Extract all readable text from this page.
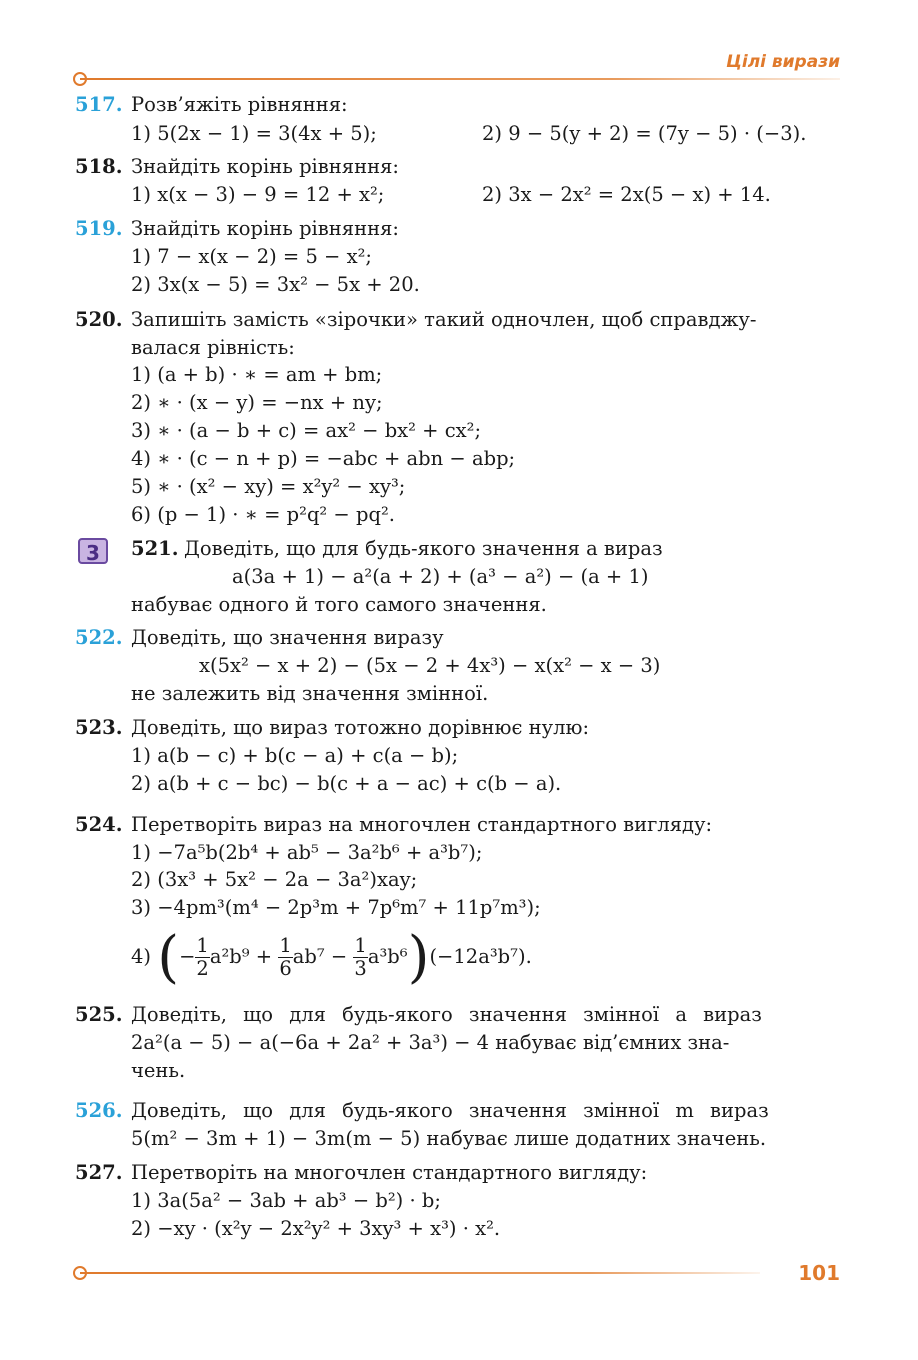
Цілі вирази
517. Розв’яжіть рівняння:
1) 5(2x − 1) = 3(4x + 5);	2) 9 − 5(y + 2) = (7y − 5) · (−3).
518. Знайдіть корінь рівняння:
1) x(x − 3) − 9 = 12 + x²;	2) 3x − 2x² = 2x(5 − x) + 14.
519. Знайдіть корінь рівняння:
1) 7 − x(x − 2) = 5 − x²;
2) 3x(x − 5) = 3x² − 5x + 20.
520. Запишіть замість «зірочки» такий одночлен, щоб справджу-
валася рівність:
1) (a + b) · ∗ = am + bm;
2) ∗ · (x − y) = −nx + ny;
3) ∗ · (a − b + c) = ax² − bx² + cx²;
4) ∗ · (c − n + p) = −abc + abn − abp;
5) ∗ · (x² − xy) = x²y² − xy³;
6) (p − 1) · ∗ = p²q² − pq².
3	521. Доведіть, що для будь-якого значення a вираз
a(3a + 1) − a²(a + 2) + (a³ − a²) − (a + 1)
набуває одного й того самого значення.
522. Доведіть, що значення виразу
x(5x² − x + 2) − (5x − 2 + 4x³) − x(x² − x − 3)
не залежить від значення змінної.
523. Доведіть, що вираз тотожно дорівнює нулю:
1) a(b − c) + b(c − a) + c(a − b);
2) a(b + c − bc) − b(c + a − ac) + c(b − a).
524. Перетворіть вираз на многочлен стандартного вигляду:
1) −7a⁵b(2b⁴ + ab⁵ − 3a²b⁶ + a³b⁷);
2) (3x³ + 5x² − 2a − 3a²)xay;
3) −4pm³(m⁴ − 2p³m + 7p⁶m⁷ + 11p⁷m³);
4) (− $\frac{1}{2} a^2b^9 + \frac{1}{6} ab^7 - \frac{1}{3} a^3b^6)(-12a^3b^7)$.
525. Доведіть, що для будь-якого значення змінної a вираз
2a²(a − 5) − a(−6a + 2a² + 3a³) − 4 набуває від’ємних зна-
чень.
526. Доведіть, що для будь-якого значення змінної m вираз
5(m² − 3m + 1) − 3m(m − 5) набуває лише додатних значень.
527. Перетворіть на многочлен стандартного вигляду:
1) 3a(5a² − 3ab + ab³ − b²) · b;
2) −xy · (x²y − 2x²y² + 3xy³ + x³) · x².
101
